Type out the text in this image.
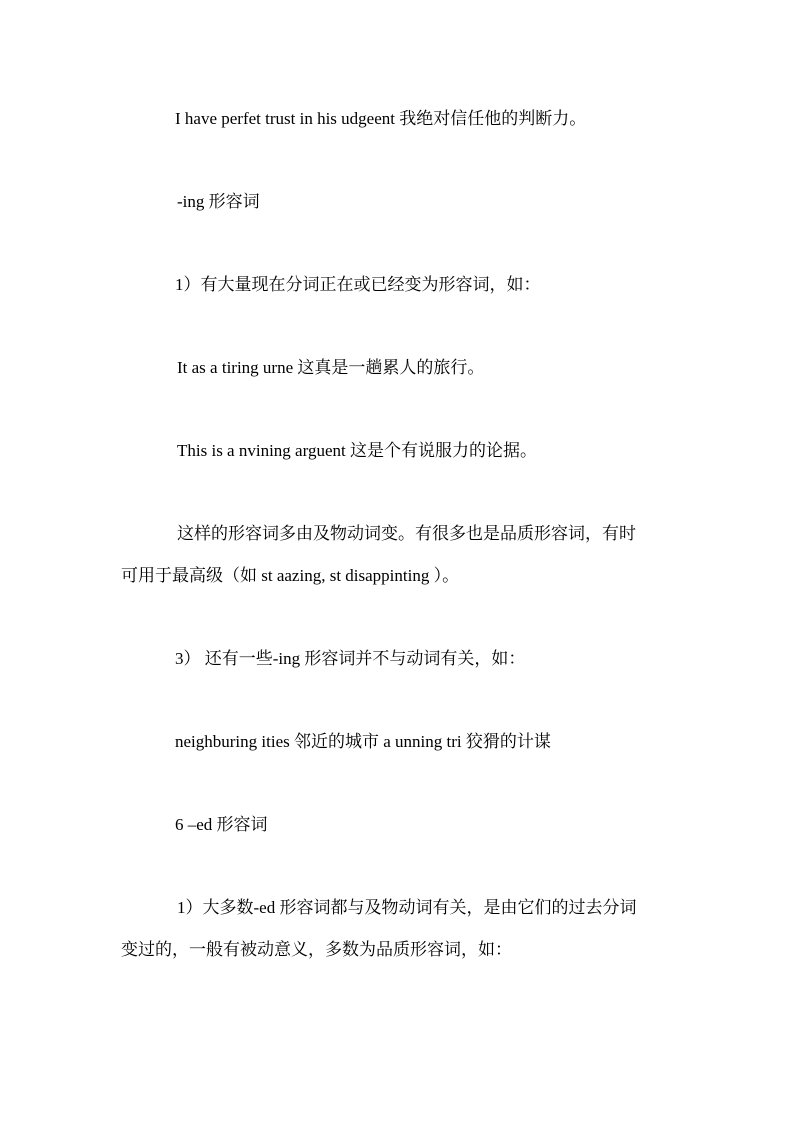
I have perfet trust in his udgeent 我绝对信任他的判断力。
-ing 形容词
1）有大量现在分词正在或已经变为形容词，如：
It as a tiring urne 这真是一趟累人的旅行。
This is a nvining arguent 这是个有说服力的论据。
这样的形容词多由及物动词变。有很多也是品质形容词，有时
可用于最高级（如 st aazing, st disappinting ）。
3） 还有一些-ing 形容词并不与动词有关，如：
neighburing ities 邻近的城市 a unning tri 狡猾的计谋
6 –ed 形容词
1）大多数-ed 形容词都与及物动词有关，是由它们的过去分词
变过的，一般有被动意义，多数为品质形容词，如：
